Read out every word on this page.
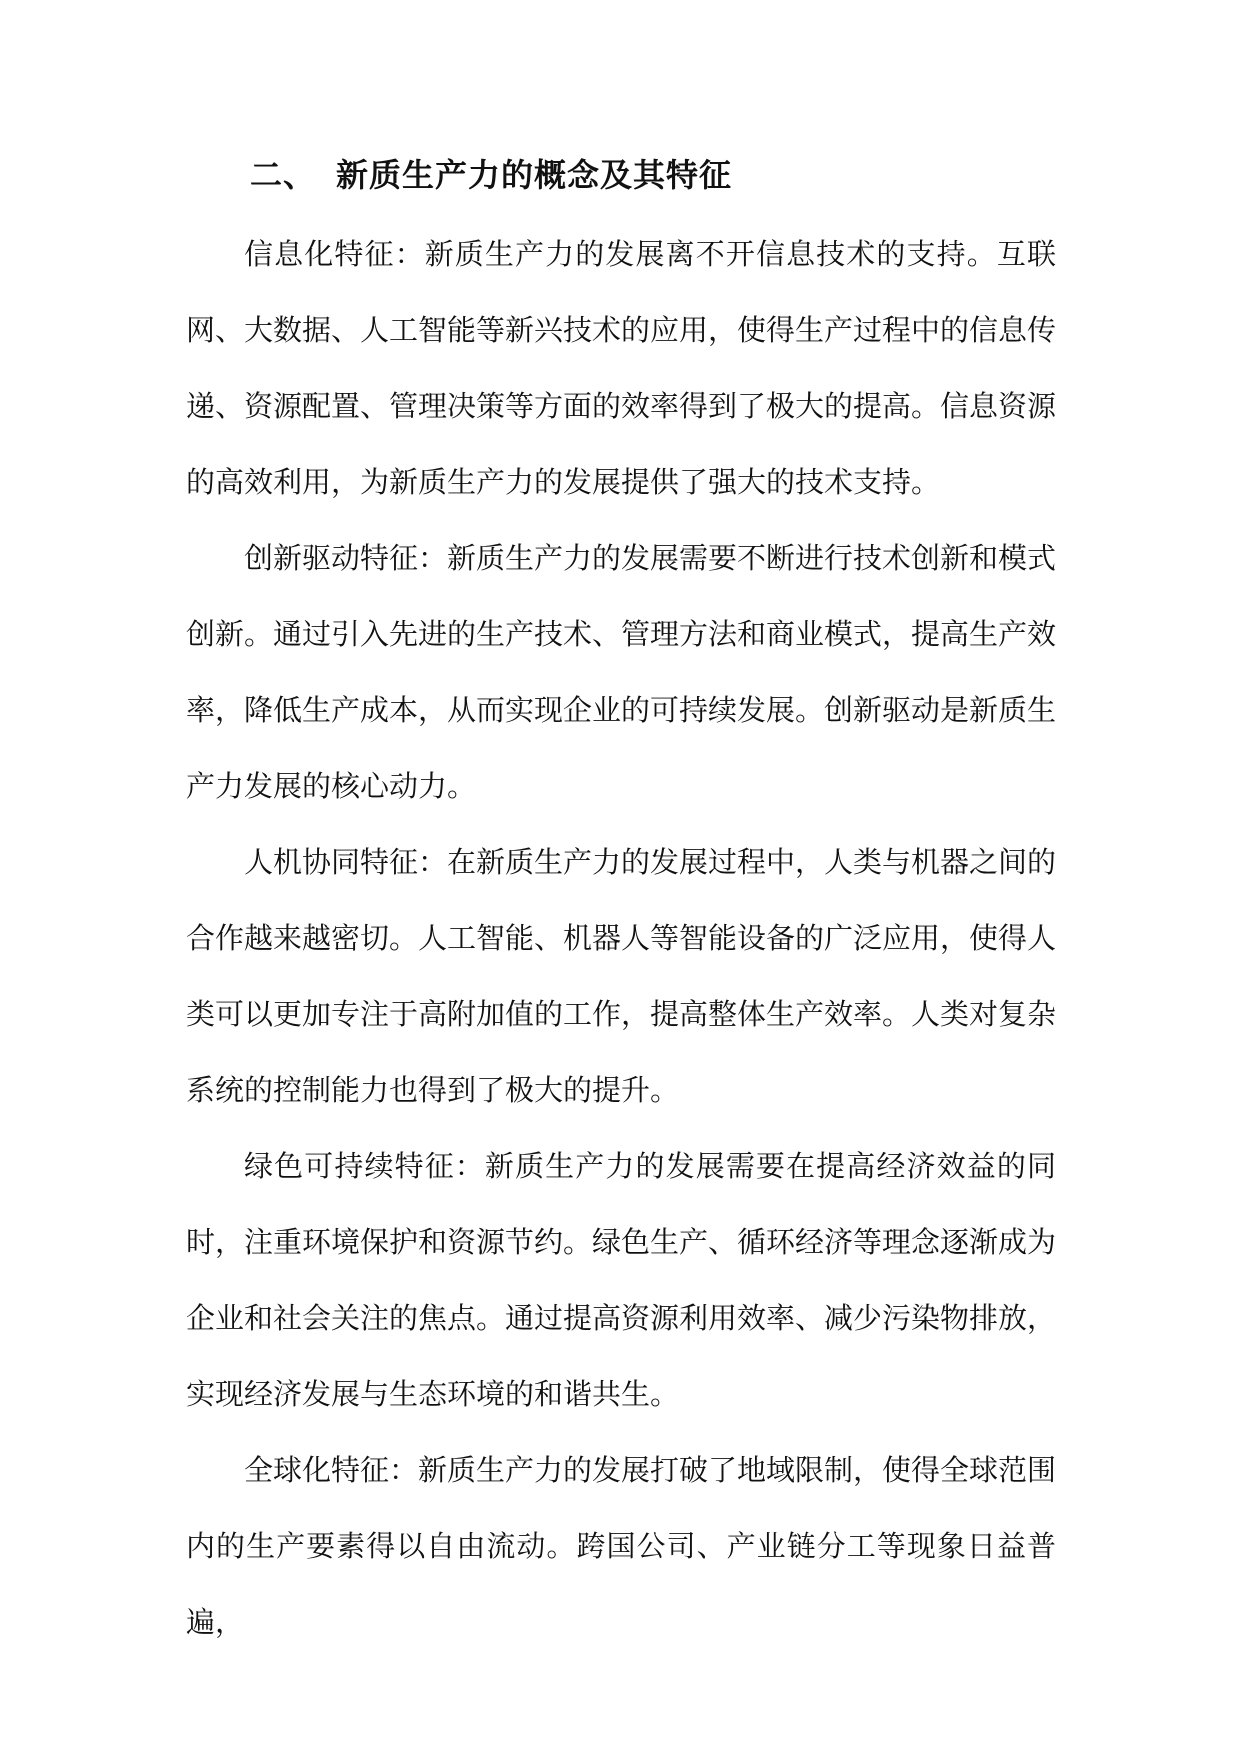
二、 新质生产力的概念及其特征

信息化特征：新质生产力的发展离不开信息技术的支持。互联网、大数据、人工智能等新兴技术的应用，使得生产过程中的信息传递、资源配置、管理决策等方面的效率得到了极大的提高。信息资源的高效利用，为新质生产力的发展提供了强大的技术支持。

创新驱动特征：新质生产力的发展需要不断进行技术创新和模式创新。通过引入先进的生产技术、管理方法和商业模式，提高生产效率，降低生产成本，从而实现企业的可持续发展。创新驱动是新质生产力发展的核心动力。

人机协同特征：在新质生产力的发展过程中，人类与机器之间的合作越来越密切。人工智能、机器人等智能设备的广泛应用，使得人类可以更加专注于高附加值的工作，提高整体生产效率。人类对复杂系统的控制能力也得到了极大的提升。

绿色可持续特征：新质生产力的发展需要在提高经济效益的同时，注重环境保护和资源节约。绿色生产、循环经济等理念逐渐成为企业和社会关注的焦点。通过提高资源利用效率、减少污染物排放，实现经济发展与生态环境的和谐共生。

全球化特征：新质生产力的发展打破了地域限制，使得全球范围内的生产要素得以自由流动。跨国公司、产业链分工等现象日益普遍，
